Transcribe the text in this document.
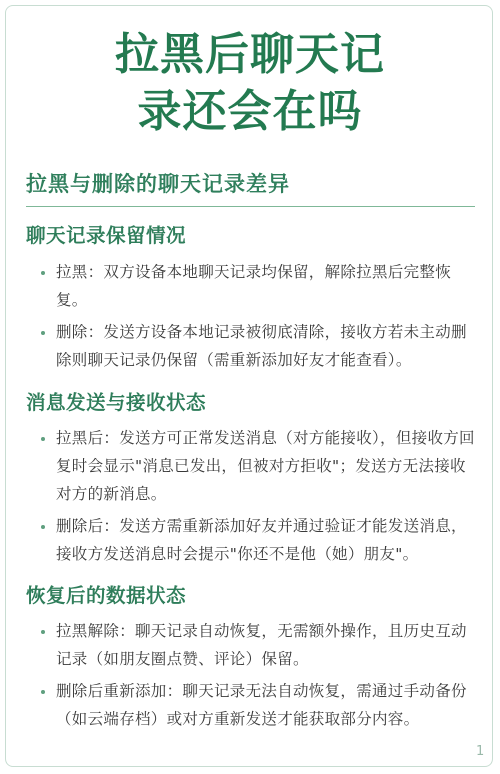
拉黑后聊天记
录还会在吗
拉黑与删除的聊天记录差异
聊天记录保留情况
拉黑：双方设备本地聊天记录均保留，解除拉黑后完整恢复。
删除：发送方设备本地记录被彻底清除，接收方若未主动删除则聊天记录仍保留（需重新添加好友才能查看）。
消息发送与接收状态
拉黑后：发送方可正常发送消息（对方能接收），但接收方回复时会显示"消息已发出，但被对方拒收"；发送方无法接收对方的新消息。
删除后：发送方需重新添加好友并通过验证才能发送消息，接收方发送消息时会提示"你还不是他（她）朋友"。
恢复后的数据状态
拉黑解除：聊天记录自动恢复，无需额外操作，且历史互动记录（如朋友圈点赞、评论）保留。
删除后重新添加：聊天记录无法自动恢复，需通过手动备份（如云端存档）或对方重新发送才能获取部分内容。
1
